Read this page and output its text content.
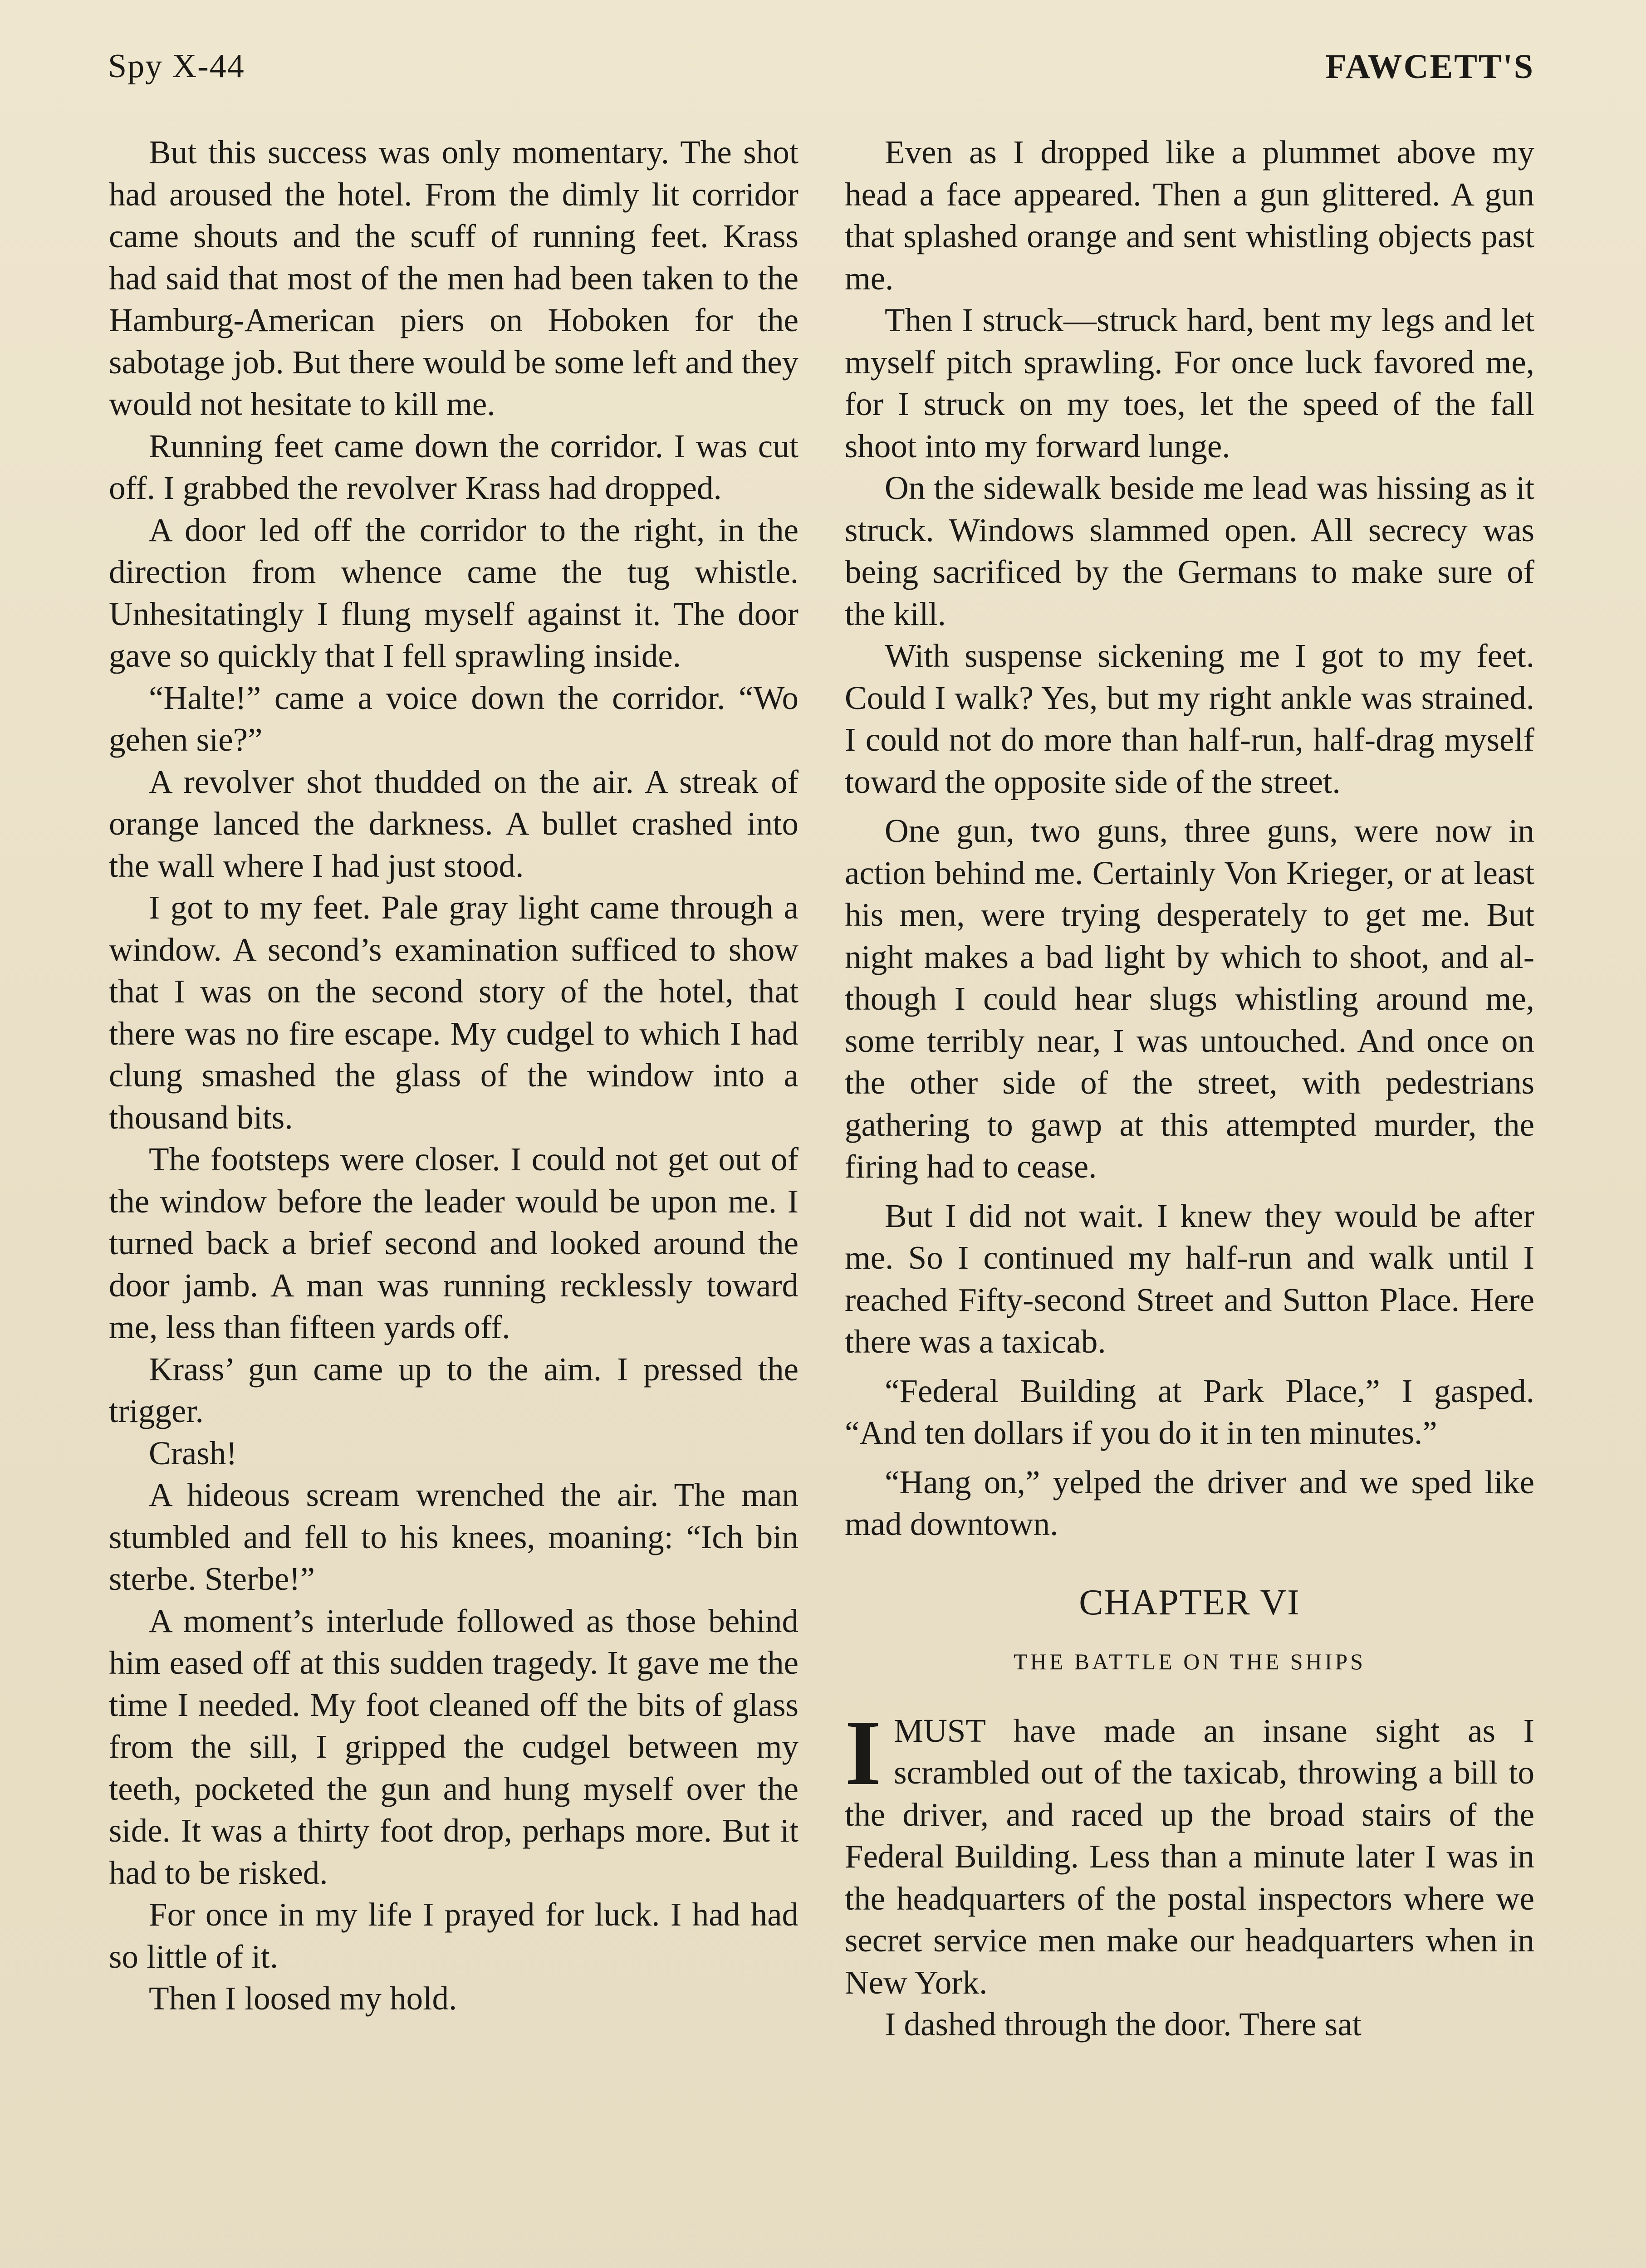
Spy X-44	FAWCETT'S

But this success was only momentary. The shot had aroused the hotel. From the dimly lit corridor came shouts and the scuff of running feet. Krass had said that most of the men had been taken to the Hamburg-American piers on Hoboken for the sabotage job. But there would be some left and they would not hesitate to kill me.

Running feet came down the corridor. I was cut off. I grabbed the revolver Krass had dropped.

A door led off the corridor to the right, in the direction from whence came the tug whistle. Unhesitatingly I flung myself against it. The door gave so quickly that I fell sprawling inside.

“Halte!” came a voice down the corridor. “Wo gehen sie?”

A revolver shot thudded on the air. A streak of orange lanced the darkness. A bullet crashed into the wall where I had just stood.

I got to my feet. Pale gray light came through a window. A second’s examination sufficed to show that I was on the second story of the hotel, that there was no fire escape. My cudgel to which I had clung smashed the glass of the window into a thousand bits.

The footsteps were closer. I could not get out of the window before the leader would be upon me. I turned back a brief second and looked around the door jamb. A man was running recklessly toward me, less than fifteen yards off.

Krass’ gun came up to the aim. I pressed the trigger.

Crash!

A hideous scream wrenched the air. The man stumbled and fell to his knees, moaning: “Ich bin sterbe. Sterbe!”

A moment’s interlude followed as those behind him eased off at this sudden tragedy. It gave me the time I needed. My foot cleaned off the bits of glass from the sill, I gripped the cudgel between my teeth, pocketed the gun and hung myself over the side. It was a thirty foot drop, perhaps more. But it had to be risked.

For once in my life I prayed for luck. I had had so little of it.

Then I loosed my hold.

Even as I dropped like a plummet above my head a face appeared. Then a gun glittered. A gun that splashed orange and sent whistling objects past me.

Then I struck—struck hard, bent my legs and let myself pitch sprawling. For once luck favored me, for I struck on my toes, let the speed of the fall shoot into my forward lunge.

On the sidewalk beside me lead was hissing as it struck. Windows slammed open. All secrecy was being sacrificed by the Germans to make sure of the kill.

With suspense sickening me I got to my feet. Could I walk? Yes, but my right ankle was strained. I could not do more than half-run, half-drag myself toward the opposite side of the street.

One gun, two guns, three guns, were now in action behind me. Certainly Von Krieger, or at least his men, were trying desperately to get me. But night makes a bad light by which to shoot, and although I could hear slugs whistling around me, some terribly near, I was untouched. And once on the other side of the street, with pedestrians gathering to gawp at this attempted murder, the firing had to cease.

But I did not wait. I knew they would be after me. So I continued my half-run and walk until I reached Fifty-second Street and Sutton Place. Here there was a taxicab.

“Federal Building at Park Place,” I gasped. “And ten dollars if you do it in ten minutes.”

“Hang on,” yelped the driver and we sped like mad downtown.

CHAPTER VI

THE BATTLE ON THE SHIPS

IMUST have made an insane sight as I scrambled out of the taxicab, throwing a bill to the driver, and raced up the broad stairs of the Federal Building. Less than a minute later I was in the headquarters of the postal inspectors where we secret service men make our headquarters when in New York.

I dashed through the door. There sat
